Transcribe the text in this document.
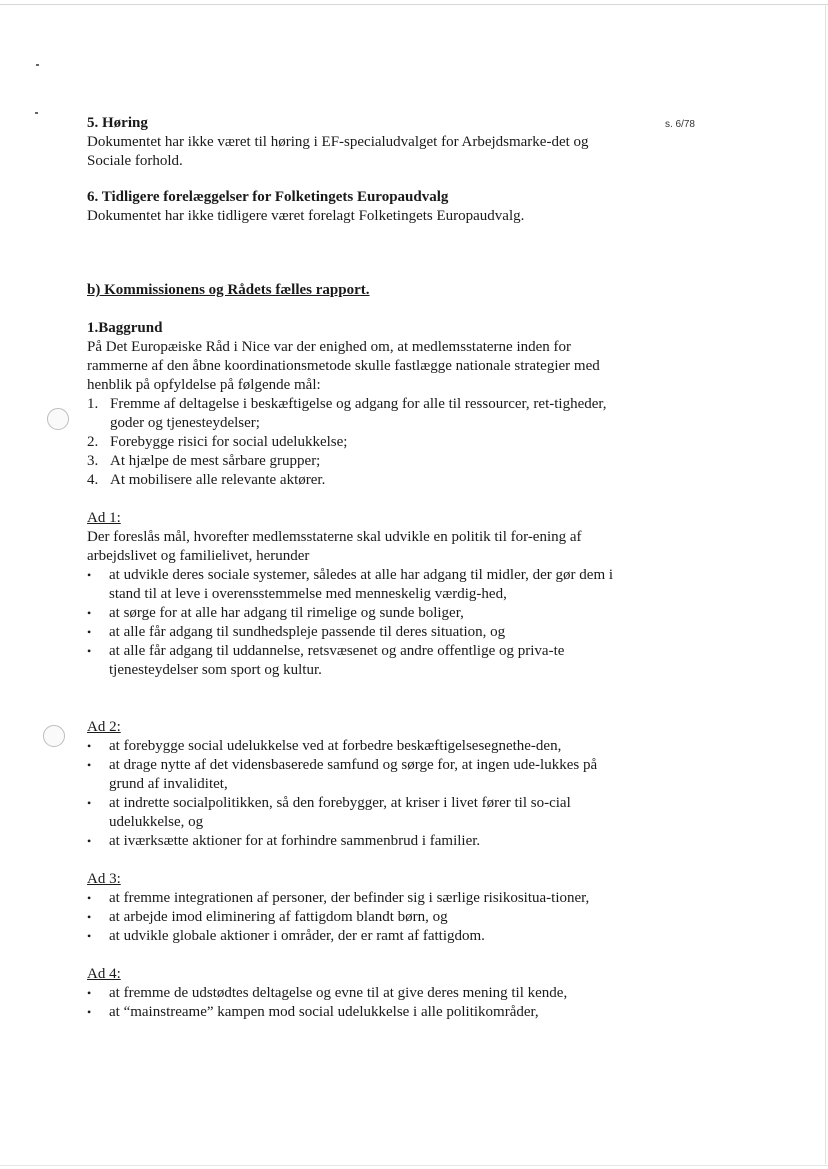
s. 6/78

5. Høring

Dokumentet har ikke været til høring i EF-specialudvalget for Arbejdsmarke-det og Sociale forhold.

6. Tidligere forelæggelser for Folketingets Europaudvalg

Dokumentet har ikke tidligere været forelagt Folketingets Europaudvalg.

b) Kommissionens og Rådets fælles rapport.

1.Baggrund

På Det Europæiske Råd i Nice var der enighed om, at medlemsstaterne inden for rammerne af den åbne koordinationsmetode skulle fastlægge nationale strategier med henblik på opfyldelse på følgende mål:

1. Fremme af deltagelse i beskæftigelse og adgang for alle til ressourcer, ret-tigheder, goder og tjenesteydelser;
2. Forebygge risici for social udelukkelse;
3. At hjælpe de mest sårbare grupper;
4. At mobilisere alle relevante aktører.

Ad 1:

Der foreslås mål, hvorefter medlemsstaterne skal udvikle en politik til for-ening af arbejdslivet og familielivet, herunder

• at udvikle deres sociale systemer, således at alle har adgang til midler, der gør dem i stand til at leve i overensstemmelse med menneskelig værdig-hed,
• at sørge for at alle har adgang til rimelige og sunde boliger,
• at alle får adgang til sundhedspleje passende til deres situation, og
• at alle får adgang til uddannelse, retsvæsenet og andre offentlige og priva-te tjenesteydelser som sport og kultur.

Ad 2:

• at forebygge social udelukkelse ved at forbedre beskæftigelsesegnethe-den,
• at drage nytte af det vidensbaserede samfund og sørge for, at ingen ude-lukkes på grund af invaliditet,
• at indrette socialpolitikken, så den forebygger, at kriser i livet fører til so-cial udelukkelse, og
• at iværksætte aktioner for at forhindre sammenbrud i familier.

Ad 3:

• at fremme integrationen af personer, der befinder sig i særlige risikositua-tioner,
• at arbejde imod eliminering af fattigdom blandt børn, og
• at udvikle globale aktioner i områder, der er ramt af fattigdom.

Ad 4:

• at fremme de udstødtes deltagelse og evne til at give deres mening til kende,
• at “mainstreame” kampen mod social udelukkelse i alle politikområder,
